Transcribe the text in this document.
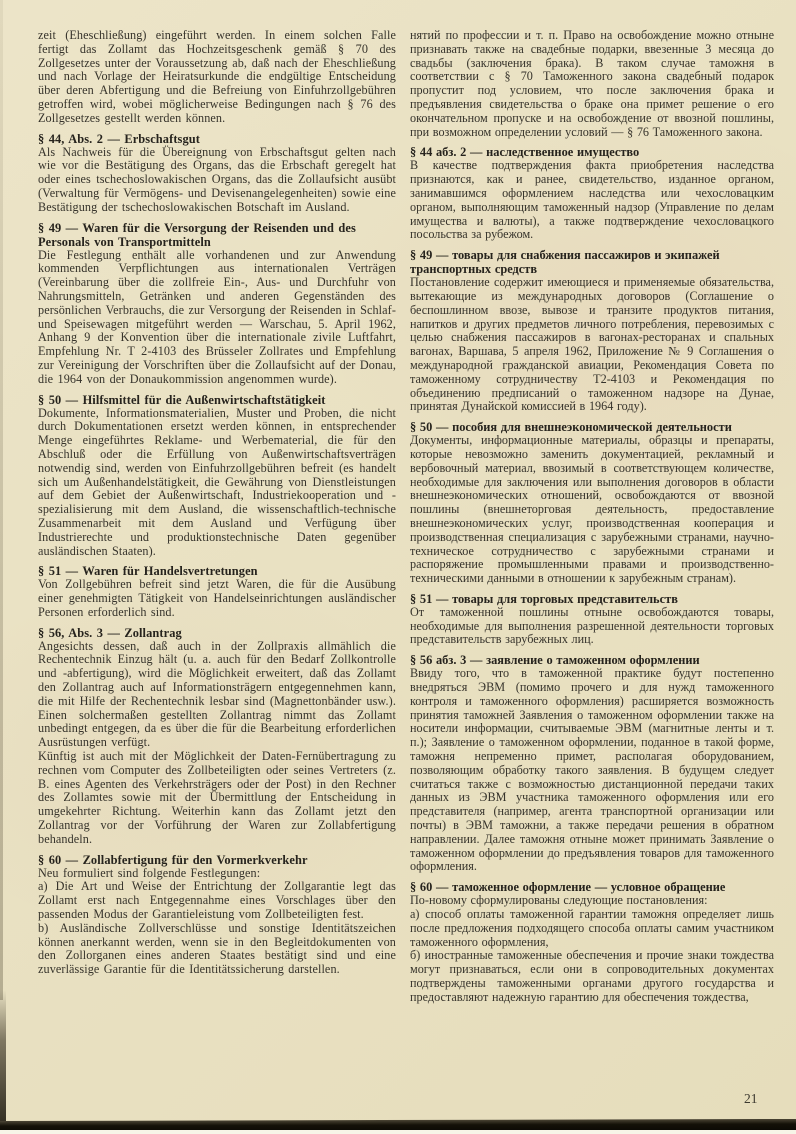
zeit (Eheschließung) eingeführt werden. In einem solchen Falle fertigt das Zollamt das Hochzeitsgeschenk gemäß § 70 des Zollgesetzes unter der Voraussetzung ab, daß nach der Eheschließung und nach Vorlage der Heiratsurkunde die endgültige Entscheidung über deren Abfertigung und die Befreiung von Einfuhrzollgebühren getroffen wird, wobei möglicherweise Bedingungen nach § 76 des Zollgesetzes gestellt werden können.

§ 44, Abs. 2 — Erbschaftsgut

Als Nachweis für die Übereignung von Erbschaftsgut gelten nach wie vor die Bestätigung des Organs, das die Erbschaft geregelt hat oder eines tschechoslowakischen Organs, das die Zollaufsicht ausübt (Verwaltung für Vermögens- und Devisenangelegenheiten) sowie eine Bestätigung der tschechoslowakischen Botschaft im Ausland.

§ 49 — Waren für die Versorgung der Reisenden und des Personals von Transportmitteln

Die Festlegung enthält alle vorhandenen und zur Anwendung kommenden Verpflichtungen aus internationalen Verträgen (Vereinbarung über die zollfreie Ein-, Aus- und Durchfuhr von Nahrungsmitteln, Getränken und anderen Gegenständen des persönlichen Verbrauchs, die zur Versorgung der Reisenden in Schlaf- und Speisewagen mitgeführt werden — Warschau, 5. April 1962, Anhang 9 der Konvention über die internationale zivile Luftfahrt, Empfehlung Nr. T 2-4103 des Brüsseler Zollrates und Empfehlung zur Vereinigung der Vorschriften über die Zollaufsicht auf der Donau, die 1964 von der Donaukommission angenommen wurde).

§ 50 — Hilfsmittel für die Außenwirtschaftstätigkeit

Dokumente, Informationsmaterialien, Muster und Proben, die nicht durch Dokumentationen ersetzt werden können, in entsprechender Menge eingeführtes Reklame- und Werbematerial, die für den Abschluß oder die Erfüllung von Außenwirtschaftsverträgen notwendig sind, werden von Einfuhrzollgebühren befreit (es handelt sich um Außenhandelstätigkeit, die Gewährung von Dienstleistungen auf dem Gebiet der Außenwirtschaft, Industriekooperation und -spezialisierung mit dem Ausland, die wissenschaftlich-technische Zusammenarbeit mit dem Ausland und Verfügung über Industrierechte und produktionstechnische Daten gegenüber ausländischen Staaten).

§ 51 — Waren für Handelsvertretungen

Von Zollgebühren befreit sind jetzt Waren, die für die Ausübung einer genehmigten Tätigkeit von Handelseinrichtungen ausländischer Personen erforderlich sind.

§ 56, Abs. 3 — Zollantrag

Angesichts dessen, daß auch in der Zollpraxis allmählich die Rechentechnik Einzug hält (u. a. auch für den Bedarf Zollkontrolle und -abfertigung), wird die Möglichkeit erweitert, daß das Zollamt den Zollantrag auch auf Informationsträgern entgegennehmen kann, die mit Hilfe der Rechentechnik lesbar sind (Magnettonbänder usw.). Einen solchermaßen gestellten Zollantrag nimmt das Zollamt unbedingt entgegen, da es über die für die Bearbeitung erforderlichen Ausrüstungen verfügt.

Künftig ist auch mit der Möglichkeit der Daten-Fernübertragung zu rechnen vom Computer des Zollbeteiligten oder seines Vertreters (z. B. eines Agenten des Verkehrsträgers oder der Post) in den Rechner des Zollamtes sowie mit der Übermittlung der Entscheidung in umgekehrter Richtung. Weiterhin kann das Zollamt jetzt den Zollantrag vor der Vorführung der Waren zur Zollabfertigung behandeln.

§ 60 — Zollabfertigung für den Vormerkverkehr

Neu formuliert sind folgende Festlegungen:

a) Die Art und Weise der Entrichtung der Zollgarantie legt das Zollamt erst nach Entgegennahme eines Vorschlages über den passenden Modus der Garantieleistung vom Zollbeteiligten fest.

b) Ausländische Zollverschlüsse und sonstige Identitätszeichen können anerkannt werden, wenn sie in den Begleitdokumenten von den Zollorganen eines anderen Staates bestätigt sind und eine zuverlässige Garantie für die Identitätssicherung darstellen.

нятий по профессии и т. п. Право на освобождение можно отныне признавать также на свадебные подарки, ввезенные 3 месяца до свадьбы (заключения брака). В таком случае таможня в соответствии с § 70 Таможенного закона свадебный подарок пропустит под условием, что после заключения брака и предъявления свидетельства о браке она примет решение о его окончательном пропуске и на освобождение от ввозной пошлины, при возможном определении условий — § 76 Таможенного закона.

§ 44 абз. 2 — наследственное имущество

В качестве подтверждения факта приобретения наследства признаются, как и ранее, свидетельство, изданное органом, занимавшимся оформлением наследства или чехословацким органом, выполняющим таможенный надзор (Управление по делам имущества и валюты), а также подтверждение чехословацкого посольства за рубежом.

§ 49 — товары для снабжения пассажиров и экипажей транспортных средств

Постановление содержит имеющиеся и применяемые обязательства, вытекающие из международных договоров (Соглашение о беспошлинном ввозе, вывозе и транзите продуктов питания, напитков и других предметов личного потребления, перевозимых с целью снабжения пассажиров в вагонах-ресторанах и спальных вагонах, Варшава, 5 апреля 1962, Приложение № 9 Соглашения о международной гражданской авиации, Рекомендация Совета по таможенному сотрудничеству Т2-4103 и Рекомендация по объединению предписаний о таможенном надзоре на Дунае, принятая Дунайской комиссией в 1964 году).

§ 50 — пособия для внешнеэкономической деятельности

Документы, информационные материалы, образцы и препараты, которые невозможно заменить документацией, рекламный и вербовочный материал, ввозимый в соответствующем количестве, необходимые для заключения или выполнения договоров в области внешнеэкономических отношений, освобождаются от ввозной пошлины (внешнеторговая деятельность, предоставление внешнеэкономических услуг, производственная кооперация и производственная специализация с зарубежными странами, научно-техническое сотрудничество с зарубежными странами и распоряжение промышленными правами и производственно-техническими данными в отношении к зарубежным странам).

§ 51 — товары для торговых представительств

От таможенной пошлины отныне освобождаются товары, необходимые для выполнения разрешенной деятельности торговых представительств зарубежных лиц.

§ 56 абз. 3 — заявление о таможенном оформлении

Ввиду того, что в таможенной практике будут постепенно внедряться ЭВМ (помимо прочего и для нужд таможенного контроля и таможенного оформления) расширяется возможность принятия таможней Заявления о таможенном оформлении также на носители информации, считываемые ЭВМ (магнитные ленты и т. п.); Заявление о таможенном оформлении, поданное в такой форме, таможня непременно примет, располагая оборудованием, позволяющим обработку такого заявления. В будущем следует считаться также с возможностью дистанционной передачи таких данных из ЭВМ участника таможенного оформления или его представителя (например, агента транспортной организации или почты) в ЭВМ таможни, а также передачи решения в обратном направлении. Далее таможня отныне может принимать Заявление о таможенном оформлении до предъявления товаров для таможенного оформления.

§ 60 — таможенное оформление — условное обращение

По-новому сформулированы следующие постановления:

а) способ оплаты таможенной гарантии таможня определяет лишь после предложения подходящего способа оплаты самим участником таможенного оформления,

б) иностранные таможенные обеспечения и прочие знаки тождества могут признаваться, если они в сопроводительных документах подтверждены таможенными органами другого государства и предоставляют надежную гарантию для обеспечения тождества,

21
